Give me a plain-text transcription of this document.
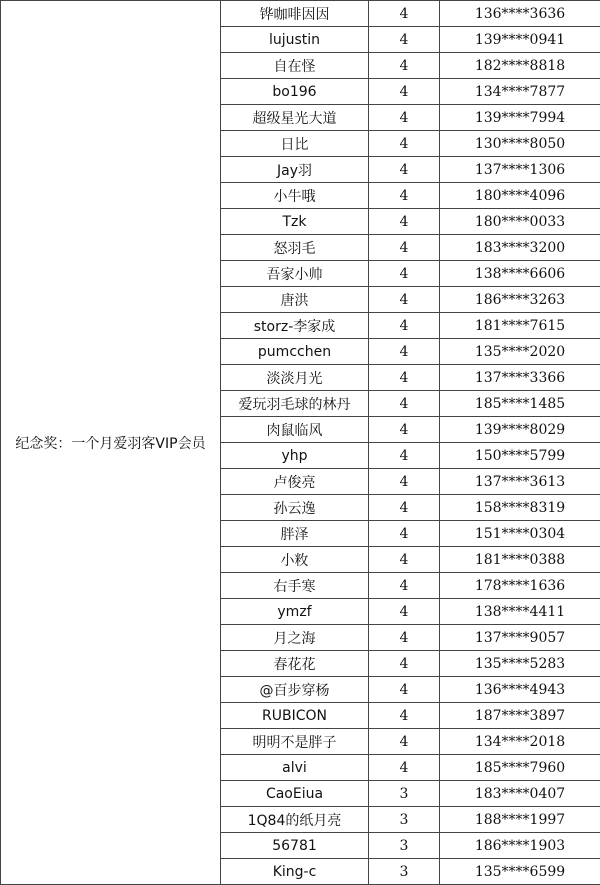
纪念奖：一个月爱羽客VIP会员	铧咖啡因因	4	136****3636
	lujustin	4	139****0941
	自在怪	4	182****8818
	bo196	4	134****7877
	超级星光大道	4	139****7994
	日比	4	130****8050
	Jay羽	4	137****1306
	小牛哦	4	180****4096
	Tzk	4	180****0033
	怒羽毛	4	183****3200
	吾家小帅	4	138****6606
	唐洪	4	186****3263
	storz-李家成	4	181****7615
	pumcchen	4	135****2020
	淡淡月光	4	137****3366
	爱玩羽毛球的林丹	4	185****1485
	肉鼠临风	4	139****8029
	yhp	4	150****5799
	卢俊亮	4	137****3613
	孙云逸	4	158****8319
	胖泽	4	151****0304
	小敉	4	181****0388
	右手寒	4	178****1636
	ymzf	4	138****4411
	月之海	4	137****9057
	春花花	4	135****5283
	@百步穿杨	4	136****4943
	RUBICON	4	187****3897
	明明不是胖子	4	134****2018
	alvi	4	185****7960
	CaoEiua	3	183****0407
	1Q84的纸月亮	3	188****1997
	56781	3	186****1903
	King-c	3	135****6599
